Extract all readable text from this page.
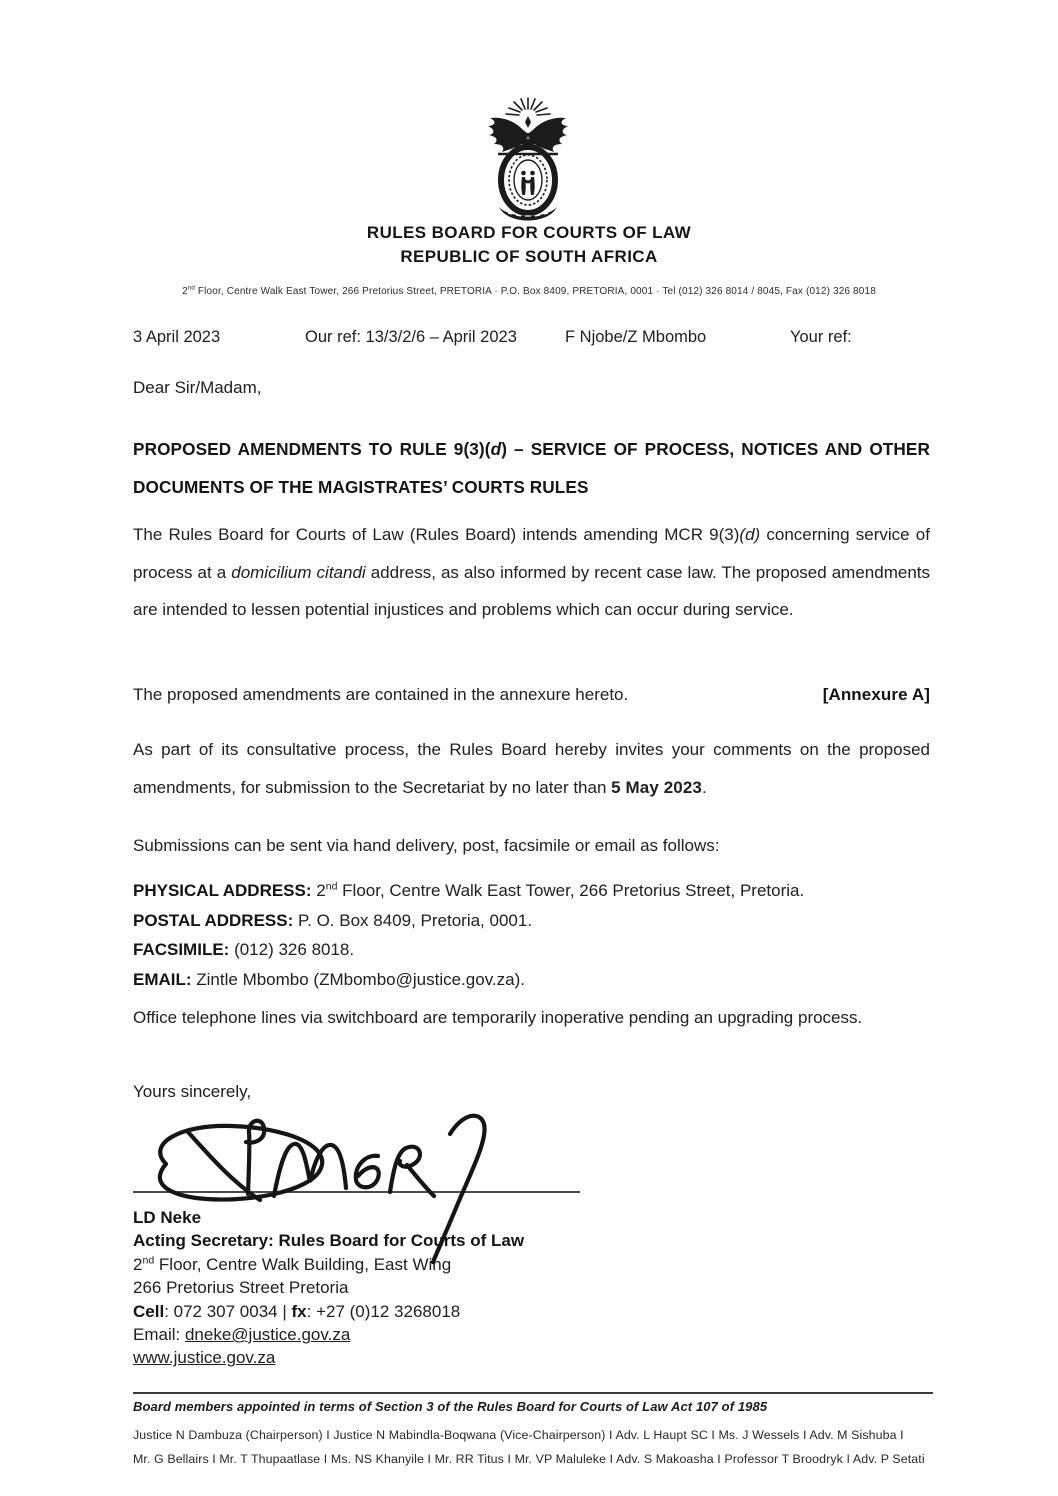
RULES BOARD FOR COURTS OF LAW
REPUBLIC OF SOUTH AFRICA
2nd Floor, Centre Walk East Tower, 266 Pretorius Street, PRETORIA · P.O. Box 8409, PRETORIA, 0001 · Tel (012) 326 8014 / 8045, Fax (012) 326 8018
3 April 2023	Our ref: 13/3/2/6 – April 2023	F Njobe/Z Mbombo	Your ref:
Dear Sir/Madam,
PROPOSED AMENDMENTS TO RULE 9(3)(d) – SERVICE OF PROCESS, NOTICES AND OTHER DOCUMENTS OF THE MAGISTRATES’ COURTS RULES
The Rules Board for Courts of Law (Rules Board) intends amending MCR 9(3)(d) concerning service of process at a domicilium citandi address, as also informed by recent case law. The proposed amendments are intended to lessen potential injustices and problems which can occur during service.
The proposed amendments are contained in the annexure hereto.	[Annexure A]
As part of its consultative process, the Rules Board hereby invites your comments on the proposed amendments, for submission to the Secretariat by no later than 5 May 2023.
Submissions can be sent via hand delivery, post, facsimile or email as follows:
PHYSICAL ADDRESS: 2nd Floor, Centre Walk East Tower, 266 Pretorius Street, Pretoria.
POSTAL ADDRESS: P. O. Box 8409, Pretoria, 0001.
FACSIMILE: (012) 326 8018.
EMAIL: Zintle Mbombo (ZMbombo@justice.gov.za).
Office telephone lines via switchboard are temporarily inoperative pending an upgrading process.
Yours sincerely,
LD Neke
Acting Secretary: Rules Board for Courts of Law
2nd Floor, Centre Walk Building, East Wing
266 Pretorius Street Pretoria
Cell: 072 307 0034 | fx: +27 (0)12 3268018
Email: dneke@justice.gov.za
www.justice.gov.za
Board members appointed in terms of Section 3 of the Rules Board for Courts of Law Act 107 of 1985
Justice N Dambuza (Chairperson) I Justice N Mabindla-Boqwana (Vice-Chairperson) I Adv. L Haupt SC I Ms. J Wessels I Adv. M Sishuba I
Mr. G Bellairs I Mr. T Thupaatlase I Ms. NS Khanyile I Mr. RR Titus I Mr. VP Maluleke I Adv. S Makoasha I Professor T Broodryk I Adv. P Setati
